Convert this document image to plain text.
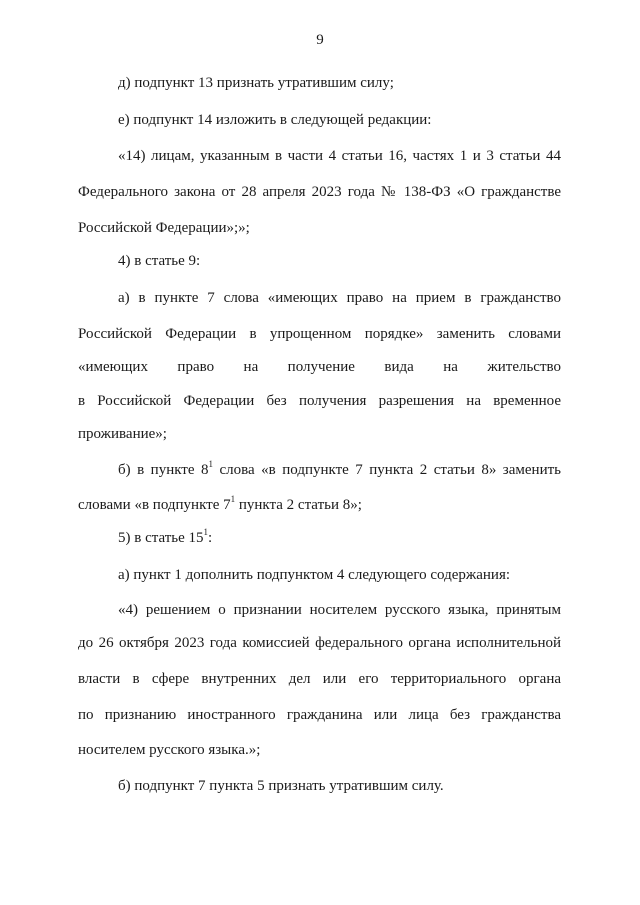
9
д) подпункт 13 признать утратившим силу;
е) подпункт 14 изложить в следующей редакции:
«14) лицам, указанным в части 4 статьи 16, частях 1 и 3 статьи 44
Федерального закона от 28 апреля 2023 года № 138-ФЗ «О гражданстве
Российской Федерации»;»;
4) в статье 9:
а) в пункте 7 слова «имеющих право на прием в гражданство
Российской Федерации в упрощенном порядке» заменить словами
«имеющих право на получение вида на жительство
в Российской Федерации без получения разрешения на временное
проживание»;
б) в пункте $8^1$ слова «в подпункте 7 пункта 2 статьи 8» заменить
словами «в подпункте $7^1$ пункта 2 статьи 8»;
5) в статье $15^1$:
а) пункт 1 дополнить подпунктом 4 следующего содержания:
«4) решением о признании носителем русского языка, принятым
до 26 октября 2023 года комиссией федерального органа исполнительной
власти в сфере внутренних дел или его территориального органа
по признанию иностранного гражданина или лица без гражданства
носителем русского языка.»;
б) подпункт 7 пункта 5 признать утратившим силу.
